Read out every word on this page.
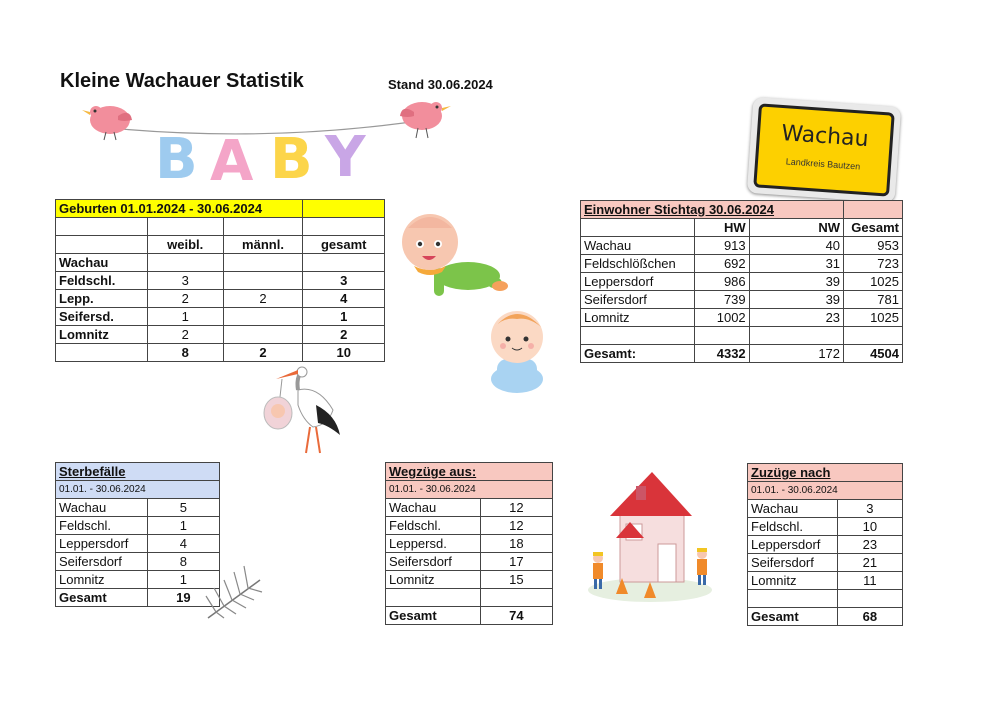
Kleine Wachauer Statistik	Stand 30.06.2024
B A B Y	Wachau
Landkreis Bautzen
Geburten 01.01.2024 - 30.06.2024			

	weibl.	männl.	gesamt
Wachau			
Feldschl.	3		3
Lepp.	2	2	4
Seifersd.	1		1
Lomnitz	2		2
	8	2	10
Einwohner Stichtag 30.06.2024			
	HW	NW	Gesamt
Wachau	913	40	953
Feldschlößchen	692	31	723
Leppersdorf	986	39	1025
Seifersdorf	739	39	781
Lomnitz	1002	23	1025

Gesamt:	4332	172	4504
Sterbefälle	
01.01. - 30.06.2024	
Wachau	5
Feldschl.	1
Leppersdorf	4
Seifersdorf	8
Lomnitz	1
Gesamt	19
Wegzüge aus:	
01.01. - 30.06.2024	
Wachau	12
Feldschl.	12
Leppersd.	18
Seifersdorf	17
Lomnitz	15

Gesamt	74
Zuzüge nach	
01.01. - 30.06.2024	
Wachau	3
Feldschl.	10
Leppersdorf	23
Seifersdorf	21
Lomnitz	11

Gesamt	68
